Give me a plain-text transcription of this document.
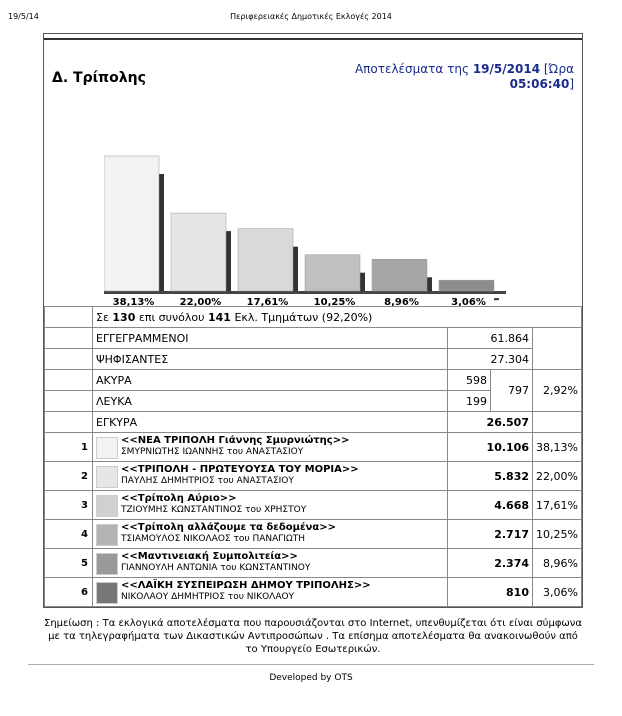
19/5/14	Περιφερειακές Δημοτικές Εκλογές 2014
Δ. Τρίπολης
Αποτελέσματα της 19/5/2014 [Ώρα
05:06:40]
38,13%	22,00%	17,61%	10,25%	8,96%	3,06%
	Σε 130 επι συνόλου 141 Εκλ. Τμημάτων (92,20%)			
	ΕΓΓΕΓΡΑΜΜΕΝΟΙ	61.864		
	ΨΗΦΙΣΑΝΤΕΣ	27.304		
	ΑΚΥΡΑ	598	797	2,92%
	ΛΕΥΚΑ	199		
	ΕΓΚΥΡΑ	26.507		
1	<<ΝΕΑ ΤΡΙΠΟΛΗ Γιάννης Σμυρνιώτης>>
ΣΜΥΡΝΙΩΤΗΣ ΙΩΑΝΝΗΣ του ΑΝΑΣΤΑΣΙΟΥ	10.106		38,13%
2	<<ΤΡΙΠΟΛΗ - ΠΡΩΤΕΥΟΥΣΑ ΤΟΥ ΜΟΡΙΑ>>
ΠΑΥΛΗΣ ΔΗΜΗΤΡΙΟΣ του ΑΝΑΣΤΑΣΙΟΥ	5.832		22,00%
3	<<Τρίπολη Αύριο>>
ΤΖΙΟΥΜΗΣ ΚΩΝΣΤΑΝΤΙΝΟΣ του ΧΡΗΣΤΟΥ	4.668		17,61%
4	<<Τρίπολη αλλάζουμε τα δεδομένα>>
ΤΣΙΑΜΟΥΛΟΣ ΝΙΚΟΛΑΟΣ του ΠΑΝΑΓΙΩΤΗ	2.717		10,25%
5	<<Μαντινειακή Συμπολιτεία>>
ΓΙΑΝΝΟΥΛΗ ΑΝΤΩΝΙΑ του ΚΩΝΣΤΑΝΤΙΝΟΥ	2.374		8,96%
6	<<ΛΑΪΚΗ ΣΥΣΠΕΙΡΩΣΗ ΔΗΜΟΥ ΤΡΙΠΟΛΗΣ>>
ΝΙΚΟΛΑΟΥ ΔΗΜΗΤΡΙΟΣ του ΝΙΚΟΛΑΟΥ	810		3,06%
Σημείωση : Τα εκλογικά αποτελέσματα που παρουσιάζονται στο Internet, υπενθυμίζεται ότι είναι σύμφωνα με τα τηλεγραφήματα των Δικαστικών Αντιπροσώπων . Τα επίσημα αποτελέσματα θα ανακοινωθούν από το Υπουργείο Εσωτερικών.
Developed by OTS
